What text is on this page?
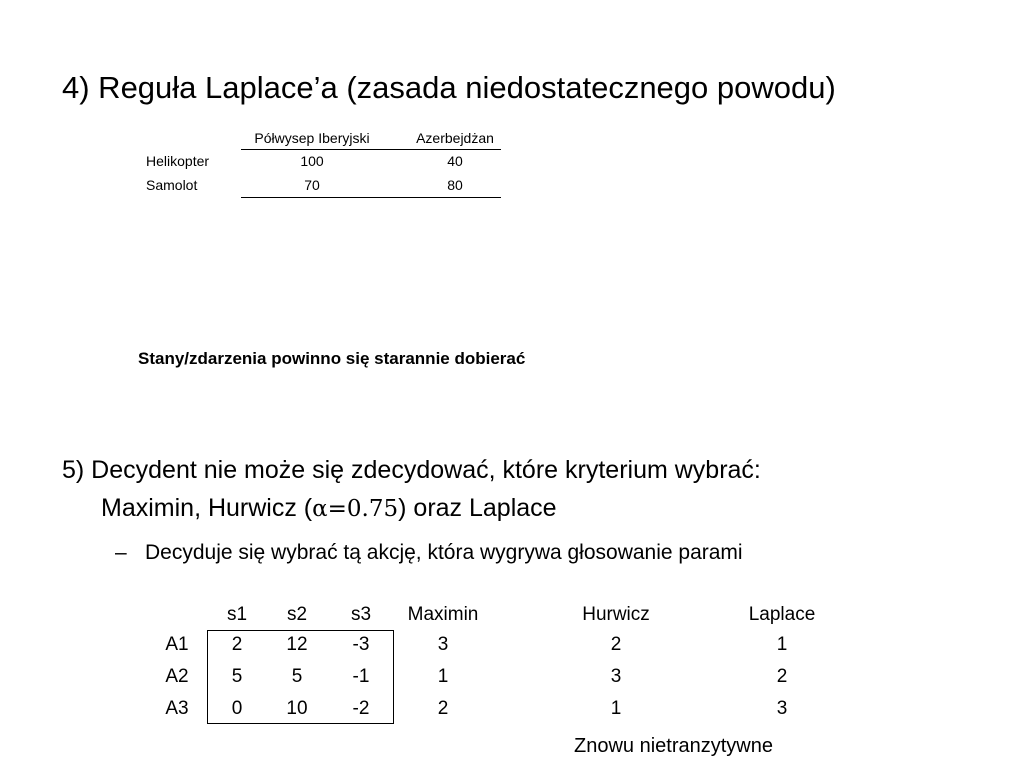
4) Reguła Laplace’a (zasada niedostatecznego powodu)
Półwysep Iberyjski	Azerbejdżan
Helikopter	100	40
Samolot	70	80
Stany/zdarzenia powinno się starannie dobierać
5) Decydent nie może się zdecydować, które kryterium wybrać:
Maximin, Hurwicz (α=0.75) oraz Laplace
– Decyduje się wybrać tą akcję, która wygrywa głosowanie parami
s1 s2 s3 Maximin	Hurwicz	Laplace
A1 2 12 -3	3	2	1
A2 5	5	-1	1	3	2
A3 0 10 -2	2	1	3
Znowu nietranzytywne
